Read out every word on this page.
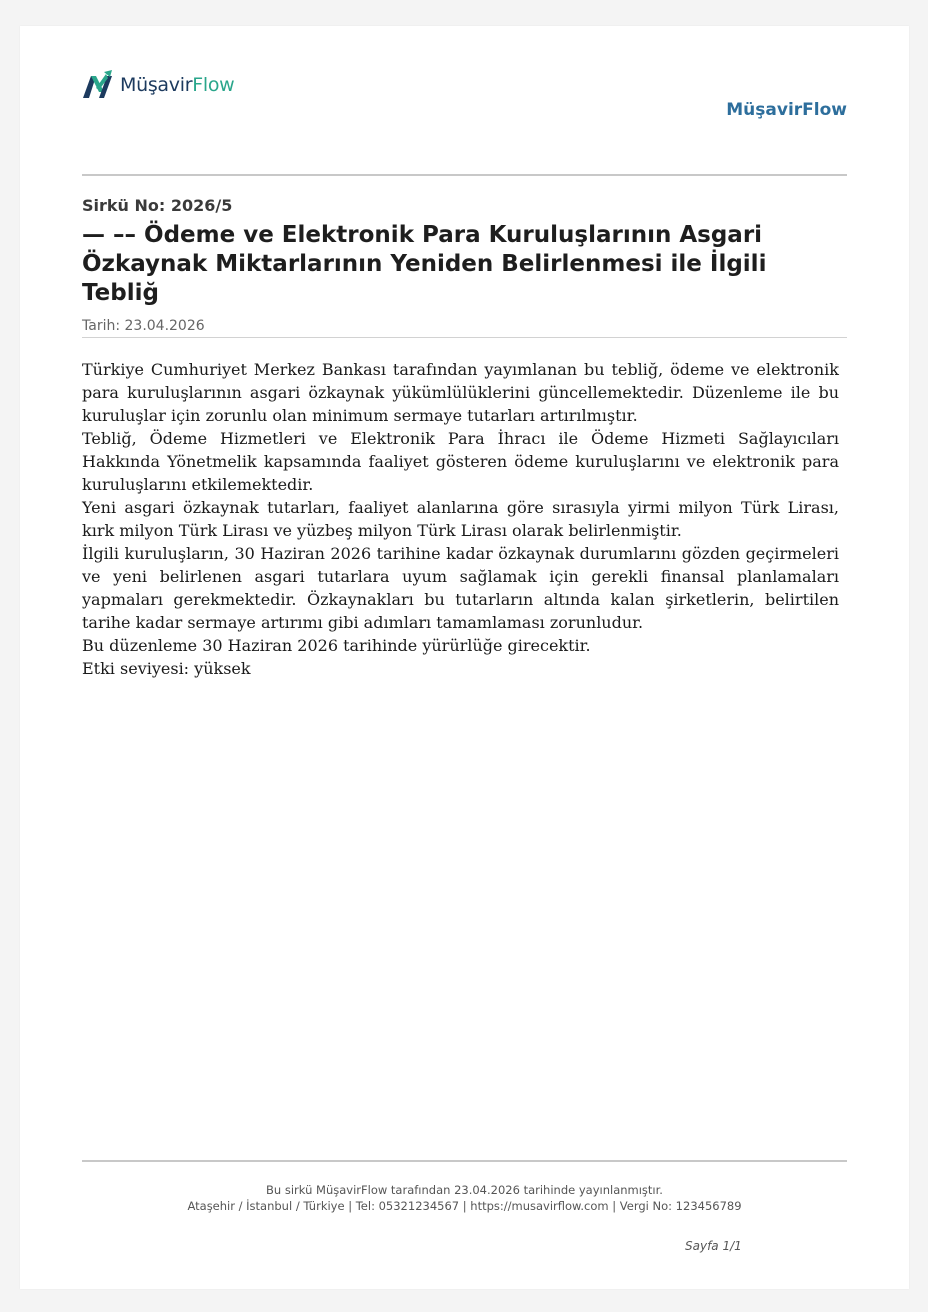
MüşavirFlow
MüşavirFlow
Sirkü No: 2026/5
— –– Ödeme ve Elektronik Para Kuruluşlarının Asgari Özkaynak Miktarlarının Yeniden Belirlenmesi ile İlgili Tebliğ
Tarih: 23.04.2026

Türkiye Cumhuriyet Merkez Bankası tarafından yayımlanan bu tebliğ, ödeme ve elektronik para kuruluşlarının asgari özkaynak yükümlülüklerini güncellemektedir. Düzenleme ile bu kuruluşlar için zorunlu olan minimum sermaye tutarları artırılmıştır.

Tebliğ, Ödeme Hizmetleri ve Elektronik Para İhracı ile Ödeme Hizmeti Sağlayıcıları Hakkında Yönetmelik kapsamında faaliyet gösteren ödeme kuruluşlarını ve elektronik para kuruluşlarını etkilemektedir.

Yeni asgari özkaynak tutarları, faaliyet alanlarına göre sırasıyla yirmi milyon Türk Lirası, kırk milyon Türk Lirası ve yüzbeş milyon Türk Lirası olarak belirlenmiştir.

İlgili kuruluşların, 30 Haziran 2026 tarihine kadar özkaynak durumlarını gözden geçirmeleri ve yeni belirlenen asgari tutarlara uyum sağlamak için gerekli finansal planlamaları yapmaları gerekmektedir. Özkaynakları bu tutarların altında kalan şirketlerin, belirtilen tarihe kadar sermaye artırımı gibi adımları tamamlaması zorunludur.

Bu düzenleme 30 Haziran 2026 tarihinde yürürlüğe girecektir.

Etki seviyesi: yüksek

Bu sirkü MüşavirFlow tarafından 23.04.2026 tarihinde yayınlanmıştır.
Ataşehir / İstanbul / Türkiye | Tel: 05321234567 | https://musavirflow.com | Vergi No: 123456789
Sayfa 1/1
